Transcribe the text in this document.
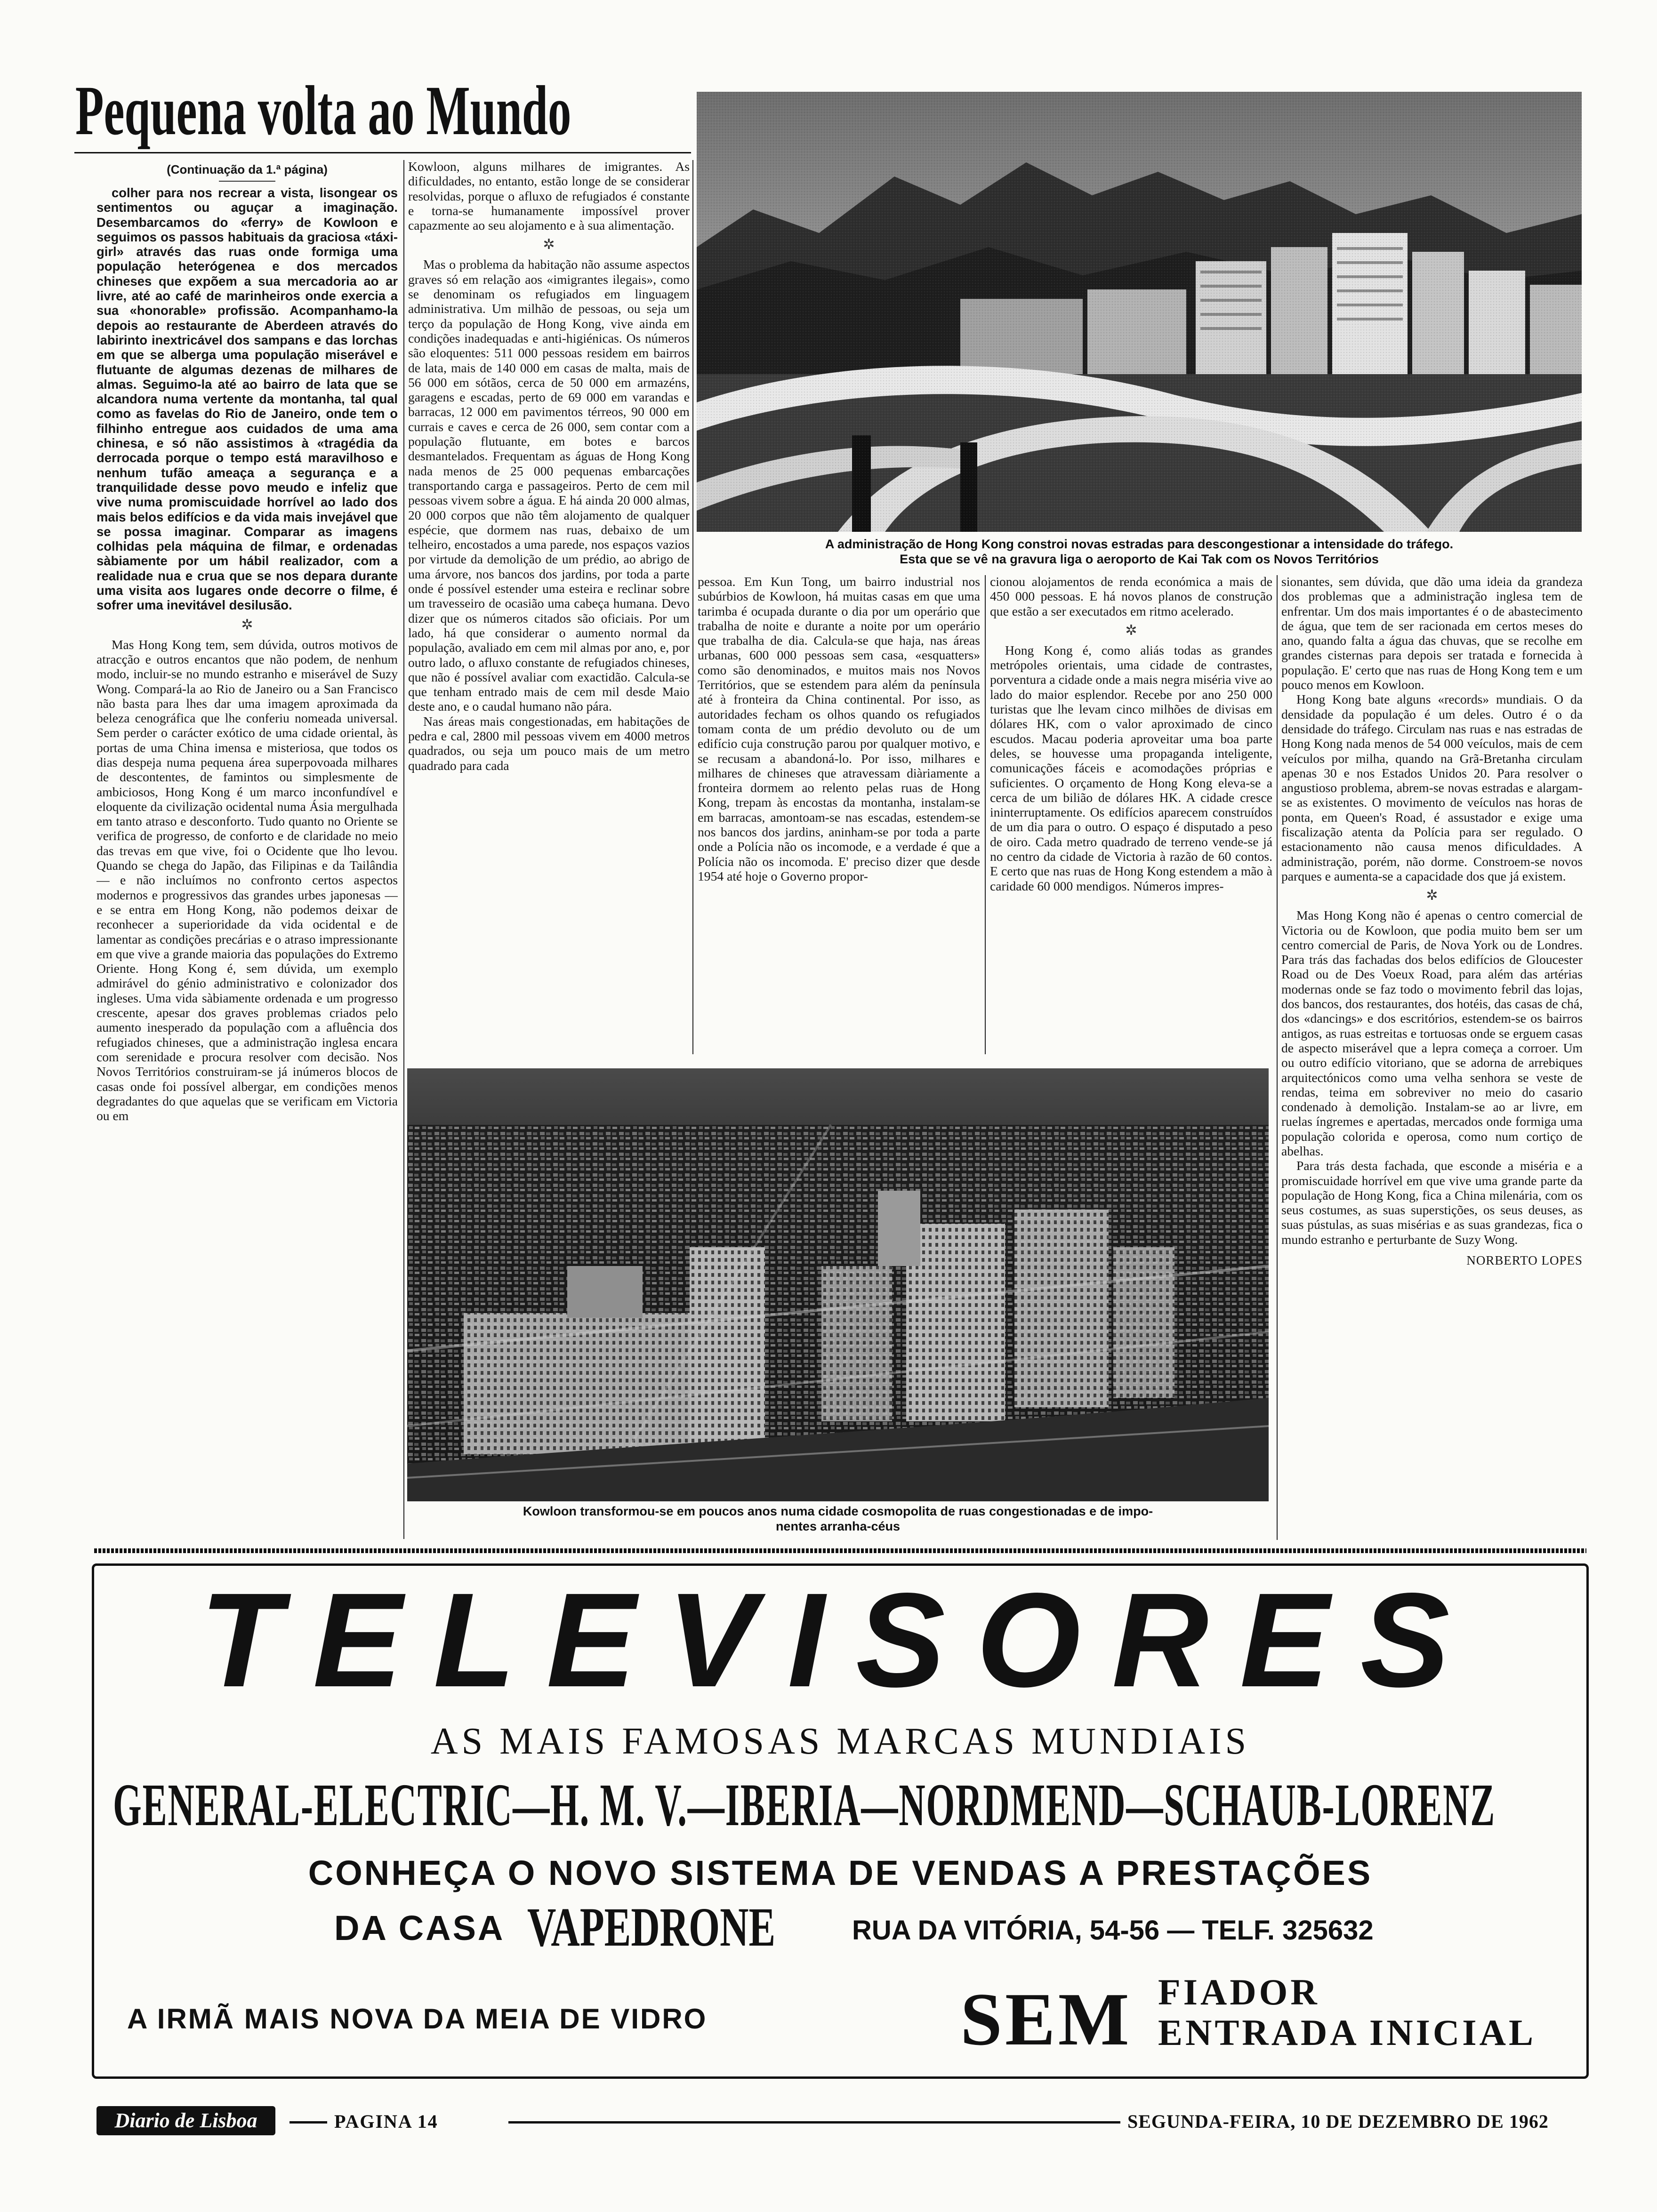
Pequena volta ao Mundo
(Continuação da 1.ª página)

colher para nos recrear a vista, lisongear os sentimentos ou aguçar a imaginação. Desembarcamos do «ferry» de Kowloon e seguimos os passos habituais da graciosa «táxi-girl» através das ruas onde formiga uma população heterógenea e dos mercados chineses que expõem a sua mercadoria ao ar livre, até ao café de marinheiros onde exercia a sua «honorable» profissão. Acompanhamo-la depois ao restaurante de Aberdeen através do labirinto inextricável dos sampans e das lorchas em que se alberga uma população miserável e flutuante de algumas dezenas de milhares de almas. Seguimo-la até ao bairro de lata que se alcandora numa vertente da montanha, tal qual como as favelas do Rio de Janeiro, onde tem o filhinho entregue aos cuidados de uma ama chinesa, e só não assistimos à «tragédia da derrocada porque o tempo está maravilhoso e nenhum tufão ameaça a segurança e a tranquilidade desse povo meudo e infeliz que vive numa promiscuidade horrível ao lado dos mais belos edifícios e da vida mais invejável que se possa imaginar. Comparar as imagens colhidas pela máquina de filmar, e ordenadas sàbiamente por um hábil realizador, com a realidade nua e crua que se nos depara durante uma visita aos lugares onde decorre o filme, é sofrer uma inevitável desilusão.

✲

Mas Hong Kong tem, sem dúvida, outros motivos de atracção e outros encantos que não podem, de nenhum modo, incluir-se no mundo estranho e miserável de Suzy Wong. Compará-la ao Rio de Janeiro ou a San Francisco não basta para lhes dar uma imagem aproximada da beleza cenográfica que lhe conferiu nomeada universal. Sem perder o carácter exótico de uma cidade oriental, às portas de uma China imensa e misteriosa, que todos os dias despeja numa pequena área superpovoada milhares de descontentes, de famintos ou simplesmente de ambiciosos, Hong Kong é um marco inconfundível e eloquente da civilização ocidental numa Ásia mergulhada em tanto atraso e desconforto. Tudo quanto no Oriente se verifica de progresso, de conforto e de claridade no meio das trevas em que vive, foi o Ocidente que lho levou. Quando se chega do Japão, das Filipinas e da Tailândia — e não incluímos no confronto certos aspectos modernos e progressivos das grandes urbes japonesas — e se entra em Hong Kong, não podemos deixar de reconhecer a superioridade da vida ocidental e de lamentar as condições precárias e o atraso impressionante em que vive a grande maioria das populações do Extremo Oriente. Hong Kong é, sem dúvida, um exemplo admirável do génio administrativo e colonizador dos ingleses. Uma vida sàbiamente ordenada e um progresso crescente, apesar dos graves problemas criados pelo aumento inesperado da população com a afluência dos refugiados chineses, que a administração inglesa encara com serenidade e procura resolver com decisão. Nos Novos Territórios construiram-se já inúmeros blocos de casas onde foi possível albergar, em condições menos degradantes do que aquelas que se verificam em Victoria ou em

A administração de Hong Kong constroi novas estradas para descongestionar a intensidade do tráfego.
Esta que se vê na gravura liga o aeroporto de Kai Tak com os Novos Territórios

Kowloon, alguns milhares de imigrantes. As dificuldades, no entanto, estão longe de se considerar resolvidas, porque o afluxo de refugiados é constante e torna-se humanamente impossível prover capazmente ao seu alojamento e à sua alimentação.

✲

Mas o problema da habitação não assume aspectos graves só em relação aos «imigrantes ilegais», como se denominam os refugiados em linguagem administrativa. Um milhão de pessoas, ou seja um terço da população de Hong Kong, vive ainda em condições inadequadas e anti-higiénicas. Os números são eloquentes: 511 000 pessoas residem em bairros de lata, mais de 140 000 em casas de malta, mais de 56 000 em sótãos, cerca de 50 000 em armazéns, garagens e escadas, perto de 69 000 em varandas e barracas, 12 000 em pavimentos térreos, 90 000 em currais e caves e cerca de 26 000, sem contar com a população flutuante, em botes e barcos desmantelados. Frequentam as águas de Hong Kong nada menos de 25 000 pequenas embarcações transportando carga e passageiros. Perto de cem mil pessoas vivem sobre a água. E há ainda 20 000 almas, 20 000 corpos que não têm alojamento de qualquer espécie, que dormem nas ruas, debaixo de um telheiro, encostados a uma parede, nos espaços vazios por virtude da demolição de um prédio, ao abrigo de uma árvore, nos bancos dos jardins, por toda a parte onde é possível estender uma esteira e reclinar sobre um travesseiro de ocasião uma cabeça humana. Devo dizer que os números citados são oficiais. Por um lado, há que considerar o aumento normal da população, avaliado em cem mil almas por ano, e, por outro lado, o afluxo constante de refugiados chineses, que não é possível avaliar com exactidão. Calcula-se que tenham entrado mais de cem mil desde Maio deste ano, e o caudal humano não pára.

Nas áreas mais congestionadas, em habitações de pedra e cal, 2800 mil pessoas vivem em 4000 metros quadrados, ou seja um pouco mais de um metro quadrado para cada

pessoa. Em Kun Tong, um bairro industrial nos subúrbios de Kowloon, há muitas casas em que uma tarimba é ocupada durante o dia por um operário que trabalha de noite e durante a noite por um operário que trabalha de dia. Calcula-se que haja, nas áreas urbanas, 600 000 pessoas sem casa, «esquatters» como são denominados, e muitos mais nos Novos Territórios, que se estendem para além da península até à fronteira da China continental. Por isso, as autoridades fecham os olhos quando os refugiados tomam conta de um prédio devoluto ou de um edifício cuja construção parou por qualquer motivo, e se recusam a abandoná-lo. Por isso, milhares e milhares de chineses que atravessam diàriamente a fronteira dormem ao relento pelas ruas de Hong Kong, trepam às encostas da montanha, instalam-se em barracas, amontoam-se nas escadas, estendem-se nos bancos dos jardins, aninham-se por toda a parte onde a Polícia não os incomode, e a verdade é que a Polícia não os incomoda. E' preciso dizer que desde 1954 até hoje o Governo propor-

cionou alojamentos de renda económica a mais de 450 000 pessoas. E há novos planos de construção que estão a ser executados em ritmo acelerado.

✲

Hong Kong é, como aliás todas as grandes metrópoles orientais, uma cidade de contrastes, porventura a cidade onde a mais negra miséria vive ao lado do maior esplendor. Recebe por ano 250 000 turistas que lhe levam cinco milhões de divisas em dólares HK, com o valor aproximado de cinco escudos. Macau poderia aproveitar uma boa parte deles, se houvesse uma propaganda inteligente, comunicações fáceis e acomodações próprias e suficientes. O orçamento de Hong Kong eleva-se a cerca de um bilião de dólares HK. A cidade cresce ininterruptamente. Os edifícios aparecem construídos de um dia para o outro. O espaço é disputado a peso de oiro. Cada metro quadrado de terreno vende-se já no centro da cidade de Victoria à razão de 60 contos. E certo que nas ruas de Hong Kong estendem a mão à caridade 60 000 mendigos. Números impres-

sionantes, sem dúvida, que dão uma ideia da grandeza dos problemas que a administração inglesa tem de enfrentar. Um dos mais importantes é o de abastecimento de água, que tem de ser racionada em certos meses do ano, quando falta a água das chuvas, que se recolhe em grandes cisternas para depois ser tratada e fornecida à população. E' certo que nas ruas de Hong Kong tem e um pouco menos em Kowloon.

Hong Kong bate alguns «records» mundiais. O da densidade da população é um deles. Outro é o da densidade do tráfego. Circulam nas ruas e nas estradas de Hong Kong nada menos de 54 000 veículos, mais de cem veículos por milha, quando na Grã-Bretanha circulam apenas 30 e nos Estados Unidos 20. Para resolver o angustioso problema, abrem-se novas estradas e alargam-se as existentes. O movimento de veículos nas horas de ponta, em Queen's Road, é assustador e exige uma fiscalização atenta da Polícia para ser regulado. O estacionamento não causa menos dificuldades. A administração, porém, não dorme. Constroem-se novos parques e aumenta-se a capacidade dos que já existem.

✲

Mas Hong Kong não é apenas o centro comercial de Victoria ou de Kowloon, que podia muito bem ser um centro comercial de Paris, de Nova York ou de Londres. Para trás das fachadas dos belos edifícios de Gloucester Road ou de Des Voeux Road, para além das artérias modernas onde se faz todo o movimento febril das lojas, dos bancos, dos restaurantes, dos hotéis, das casas de chá, dos «dancings» e dos escritórios, estendem-se os bairros antigos, as ruas estreitas e tortuosas onde se erguem casas de aspecto miserável que a lepra começa a corroer. Um ou outro edifício vitoriano, que se adorna de arrebiques arquitectónicos como uma velha senhora se veste de rendas, teima em sobreviver no meio do casario condenado à demolição. Instalam-se ao ar livre, em ruelas íngremes e apertadas, mercados onde formiga uma população colorida e operosa, como num cortiço de abelhas.

Para trás desta fachada, que esconde a miséria e a promiscuidade horrível em que vive uma grande parte da população de Hong Kong, fica a China milenária, com os seus costumes, as suas superstições, os seus deuses, as suas pústulas, as suas misérias e as suas grandezas, fica o mundo estranho e perturbante de Suzy Wong.

NORBERTO LOPES

Kowloon transformou-se em poucos anos numa cidade cosmopolita de ruas congestionadas e de impo-
nentes arranha-céus
TELEVISORES
AS MAIS FAMOSAS MARCAS MUNDIAIS
GENERAL-ELECTRIC—H. M. V.—IBERIA—NORDMEND—SCHAUB-LORENZ
CONHEÇA O NOVO SISTEMA DE VENDAS A PRESTAÇÕES
DA CASA VAPEDRONE	RUA DA VITÓRIA, 54-56 — TELF. 325632
A IRMÃ MAIS NOVA DA MEIA DE VIDRO	SEM FIADOR
ENTRADA INICIAL
Diario de Lisboa	PAGINA 14	SEGUNDA-FEIRA, 10 DE DEZEMBRO DE 1962
